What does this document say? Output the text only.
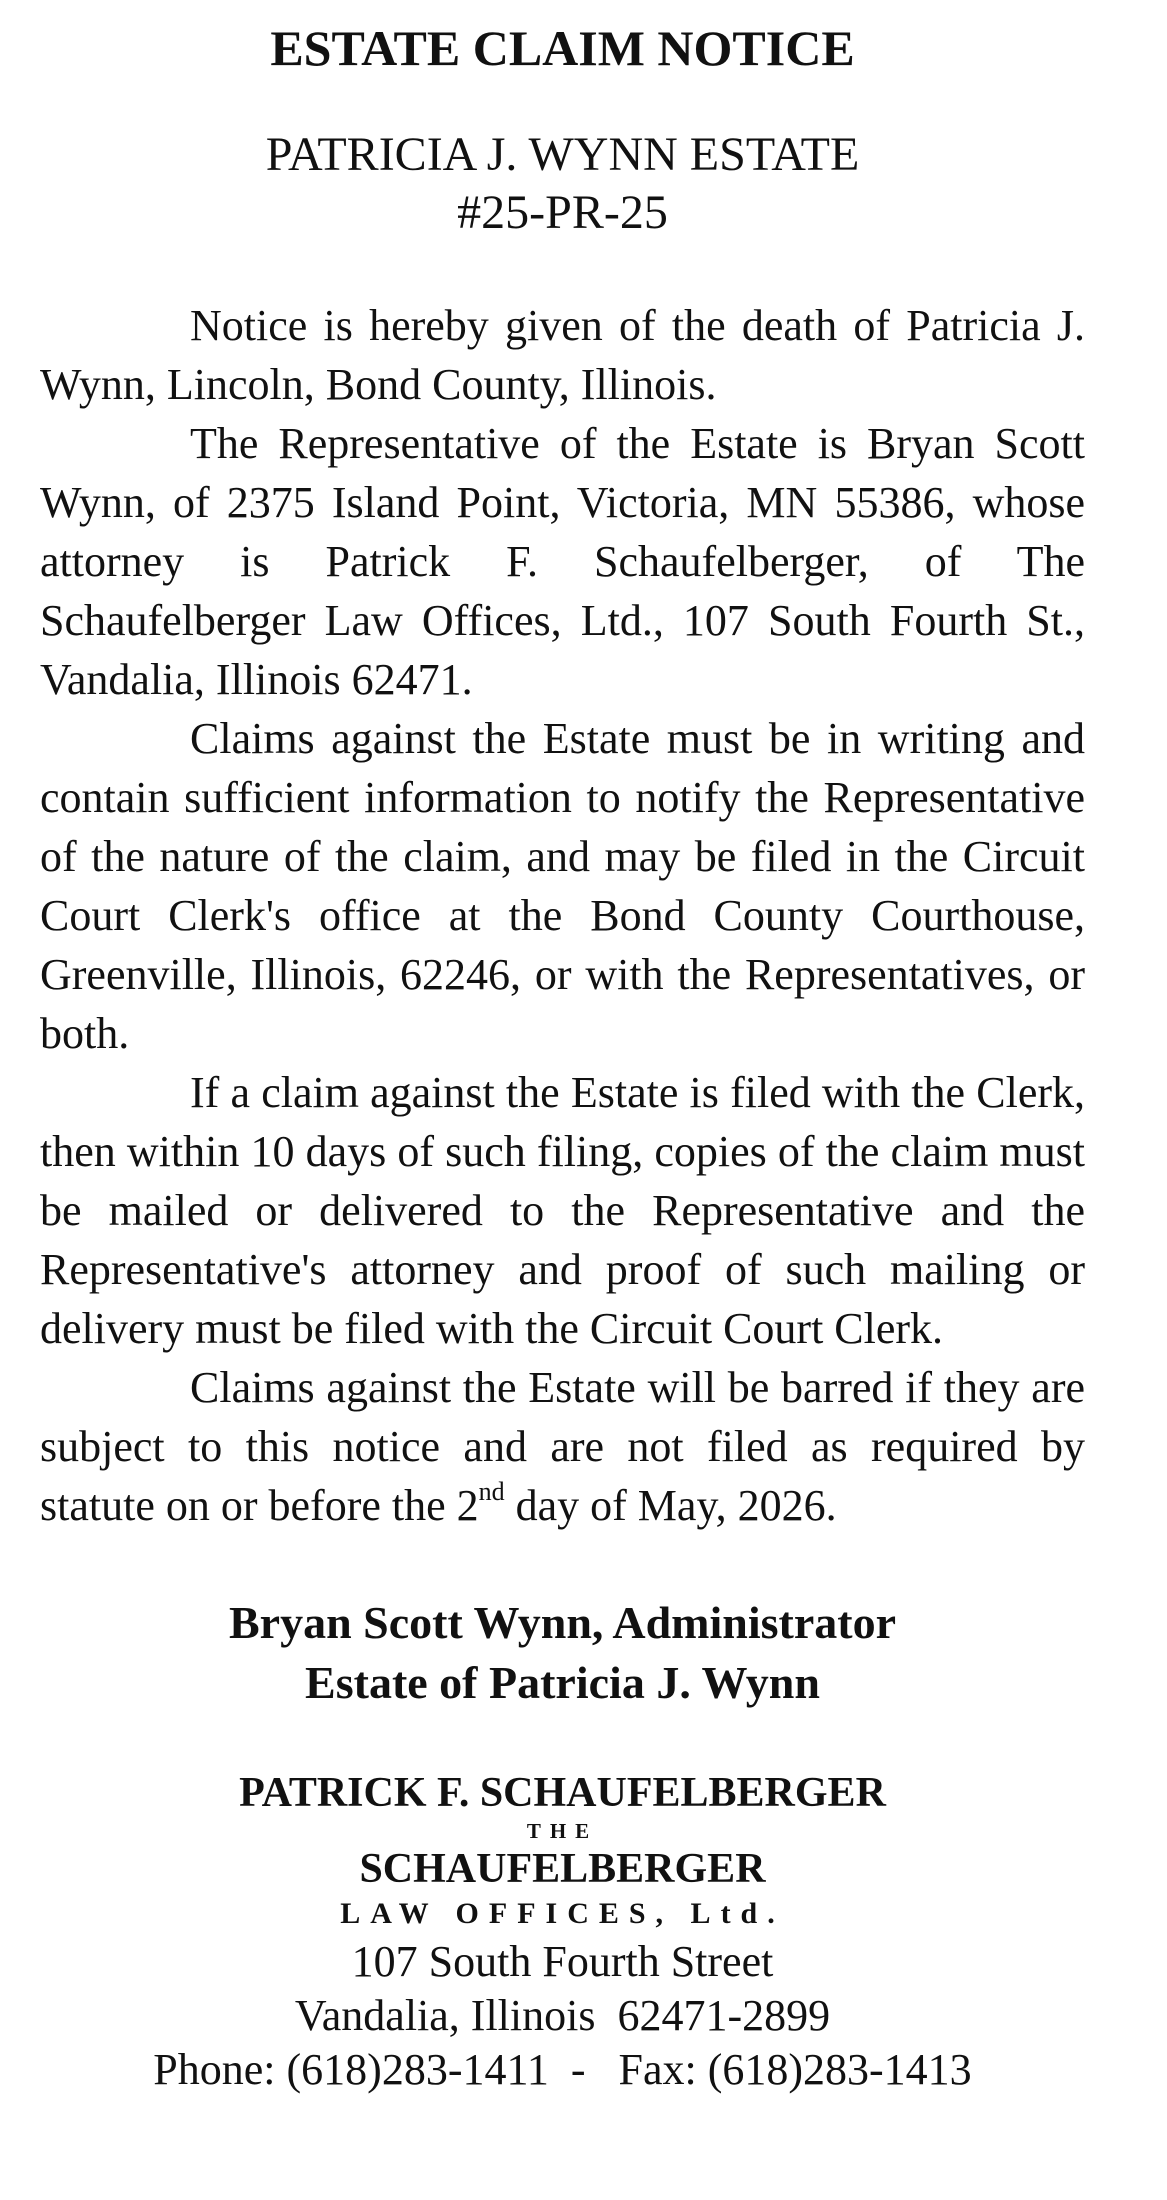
ESTATE CLAIM NOTICE
PATRICIA J. WYNN ESTATE
#25-PR-25

Notice is hereby given of the death of Patricia J. Wynn, Lincoln, Bond County, Illinois.

The Representative of the Estate is Bryan Scott Wynn, of 2375 Island Point, Victoria, MN 55386, whose attorney is Patrick F. Schaufelberger, of The Schaufelberger Law Offices, Ltd., 107 South Fourth St., Vandalia, Illinois 62471.

Claims against the Estate must be in writing and contain sufficient information to notify the Representative of the nature of the claim, and may be filed in the Circuit Court Clerk's office at the Bond County Courthouse, Greenville, Illinois, 62246, or with the Representatives, or both.

If a claim against the Estate is filed with the Clerk, then within 10 days of such filing, copies of the claim must be mailed or delivered to the Representative and the Representative's attorney and proof of such mailing or delivery must be filed with the Circuit Court Clerk.

Claims against the Estate will be barred if they are subject to this notice and are not filed as required by statute on or before the 2nd day of May, 2026.

Bryan Scott Wynn, Administrator
Estate of Patricia J. Wynn
PATRICK F. SCHAUFELBERGER
THE
SCHAUFELBERGER
LAW OFFICES, Ltd.
107 South Fourth Street
Vandalia, Illinois  62471-2899
Phone: (618)283-1411  -   Fax: (618)283-1413
